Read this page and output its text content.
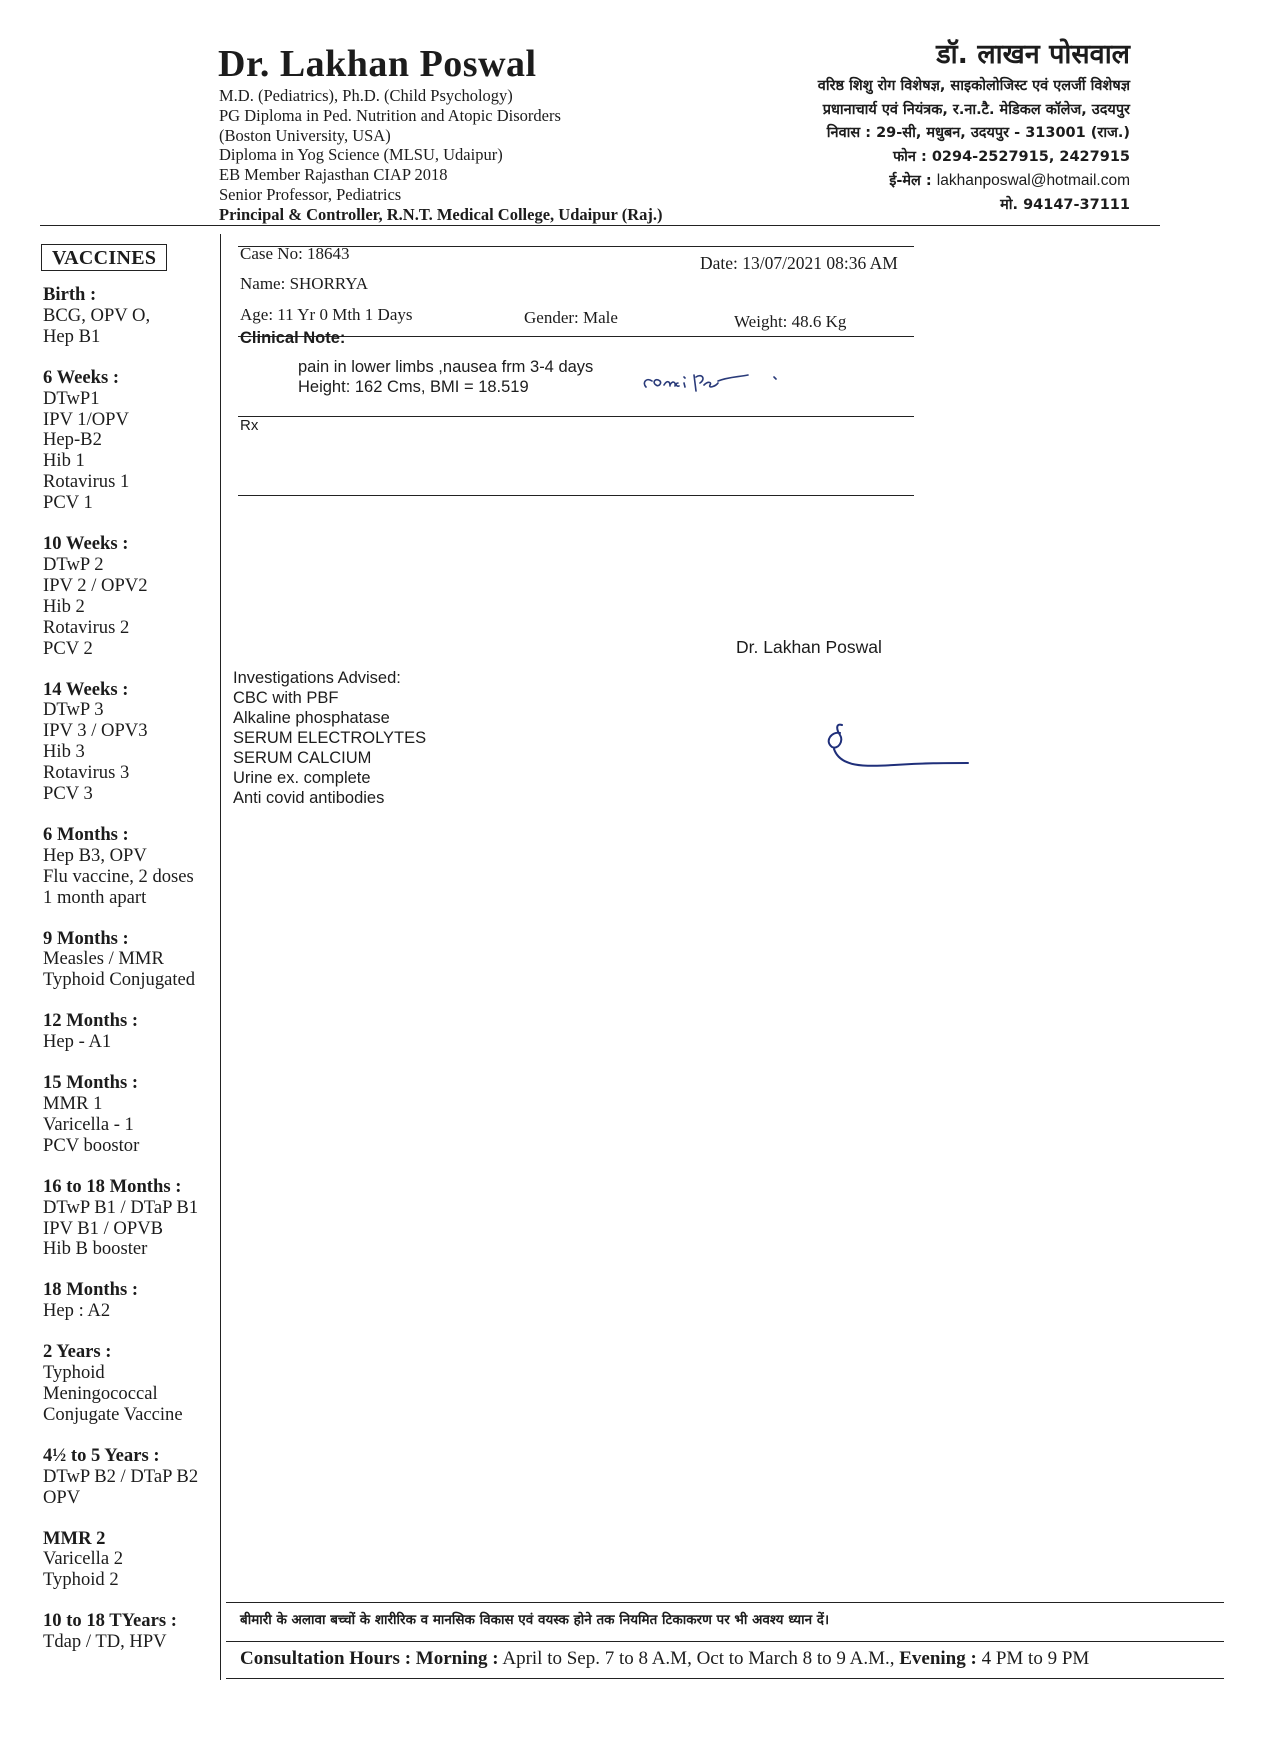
Dr. Lakhan Poswal
M.D. (Pediatrics), Ph.D. (Child Psychology)
PG Diploma in Ped. Nutrition and Atopic Disorders
(Boston University, USA)
Diploma in Yog Science (MLSU, Udaipur)
EB Member Rajasthan CIAP 2018
Senior Professor, Pediatrics
Principal & Controller, R.N.T. Medical College, Udaipur (Raj.)
डॉ. लाखन पोसवाल
वरिष्ठ शिशु रोग विशेषज्ञ, साइकोलोजिस्ट एवं एलर्जी विशेषज्ञ
प्रधानाचार्य एवं नियंत्रक, र.ना.टै. मेडिकल कॉलेज, उदयपुर
निवास : 29-सी, मधुबन, उदयपुर - 313001 (राज.)
फोन : 0294-2527915, 2427915
ई-मेल : lakhanposwal@hotmail.com
मो. 94147-37111
VACCINES
Birth :
BCG, OPV O,
Hep B1
6 Weeks :
DTwP1
IPV 1/OPV
Hep-B2
Hib 1
Rotavirus 1
PCV 1
10 Weeks :
DTwP 2
IPV 2 / OPV2
Hib 2
Rotavirus 2
PCV 2
14 Weeks :
DTwP 3
IPV 3 / OPV3
Hib 3
Rotavirus 3
PCV 3
6 Months :
Hep B3, OPV
Flu vaccine, 2 doses
1 month apart
9 Months :
Measles / MMR
Typhoid Conjugated
12 Months :
Hep - A1
15 Months :
MMR 1
Varicella - 1
PCV boostor
16 to 18 Months :
DTwP B1 / DTaP B1
IPV B1 / OPVB
Hib B booster
18 Months :
Hep : A2
2 Years :
Typhoid
Meningococcal
Conjugate Vaccine
4½ to 5 Years :
DTwP B2 / DTaP B2
OPV
MMR 2
Varicella 2
Typhoid 2
10 to 18 TYears :
Tdap / TD, HPV
Case No: 18643	Date: 13/07/2021 08:36 AM
Name: SHORRYA
Age: 11 Yr 0 Mth 1 Days	Gender: Male	Weight: 48.6 Kg
Clinical Note:
pain in lower limbs ,nausea frm 3-4 days
Height: 162 Cms, BMI = 18.519
Rx
Dr. Lakhan Poswal
Investigations Advised:
CBC with PBF
Alkaline phosphatase
SERUM ELECTROLYTES
SERUM CALCIUM
Urine ex. complete
Anti covid antibodies
बीमारी के अलावा बच्चों के शारीरिक व मानसिक विकास एवं वयस्क होने तक नियमित टिकाकरण पर भी अवश्य ध्यान दें।
Consultation Hours : Morning : April to Sep. 7 to 8 A.M, Oct to March 8 to 9 A.M., Evening : 4 PM to 9 PM
